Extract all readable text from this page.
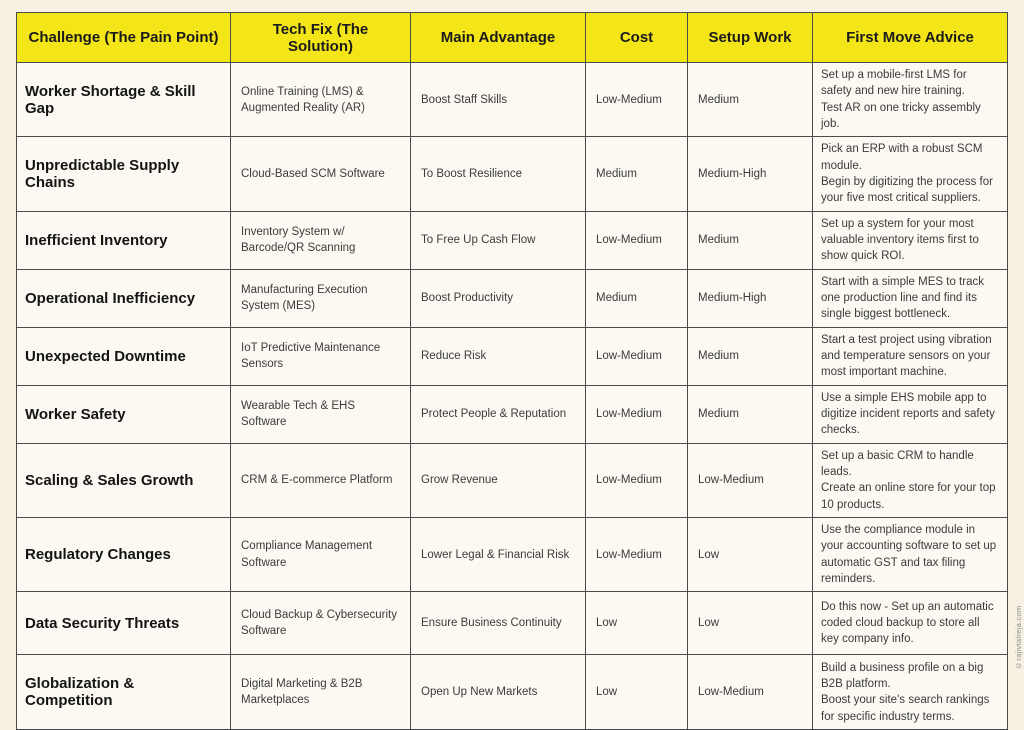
Challenge (The Pain Point)	Tech Fix (The Solution)	Main Advantage	Cost	Setup Work	First Move Advice
Worker Shortage & Skill Gap	Online Training (LMS) & Augmented Reality (AR)	Boost Staff Skills	Low-Medium	Medium	Set up a mobile-first LMS for safety and new hire training.
Test AR on one tricky assembly job.

Unpredictable Supply Chains	Cloud-Based SCM Software	To Boost Resilience	Medium	Medium-High	Pick an ERP with a robust SCM module.
Begin by digitizing the process for your five most critical suppliers.

Inefficient Inventory	Inventory System w/ Barcode/QR Scanning	To Free Up Cash Flow	Low-Medium	Medium	Set up a system for your most valuable inventory items first to show quick ROI.

Operational Inefficiency	Manufacturing Execution System (MES)	Boost Productivity	Medium	Medium-High	Start with a simple MES to track one production line and find its single biggest bottleneck.

Unexpected Downtime	IoT Predictive Maintenance Sensors	Reduce Risk	Low-Medium	Medium	Start a test project using vibration and temperature sensors on your most important machine.

Worker Safety	Wearable Tech & EHS Software	Protect People & Reputation	Low-Medium	Medium	Use a simple EHS mobile app to digitize incident reports and safety checks.

Scaling & Sales Growth	CRM & E-commerce Platform	Grow Revenue	Low-Medium	Low-Medium	Set up a basic CRM to handle leads.
Create an online store for your top 10 products.

Regulatory Changes	Compliance Management Software	Lower Legal & Financial Risk	Low-Medium	Low	Use the compliance module in your accounting software to set up automatic GST and tax filing reminders.

Data Security Threats	Cloud Backup & Cybersecurity Software	Ensure Business Continuity	Low	Low	Do this now - Set up an automatic coded cloud backup to store all key company info.

Globalization & Competition	Digital Marketing & B2B Marketplaces	Open Up New Markets	Low	Low-Medium	Build a business profile on a big B2B platform.
Boost your site's search rankings for specific industry terms.
©rajivtalreja.com
